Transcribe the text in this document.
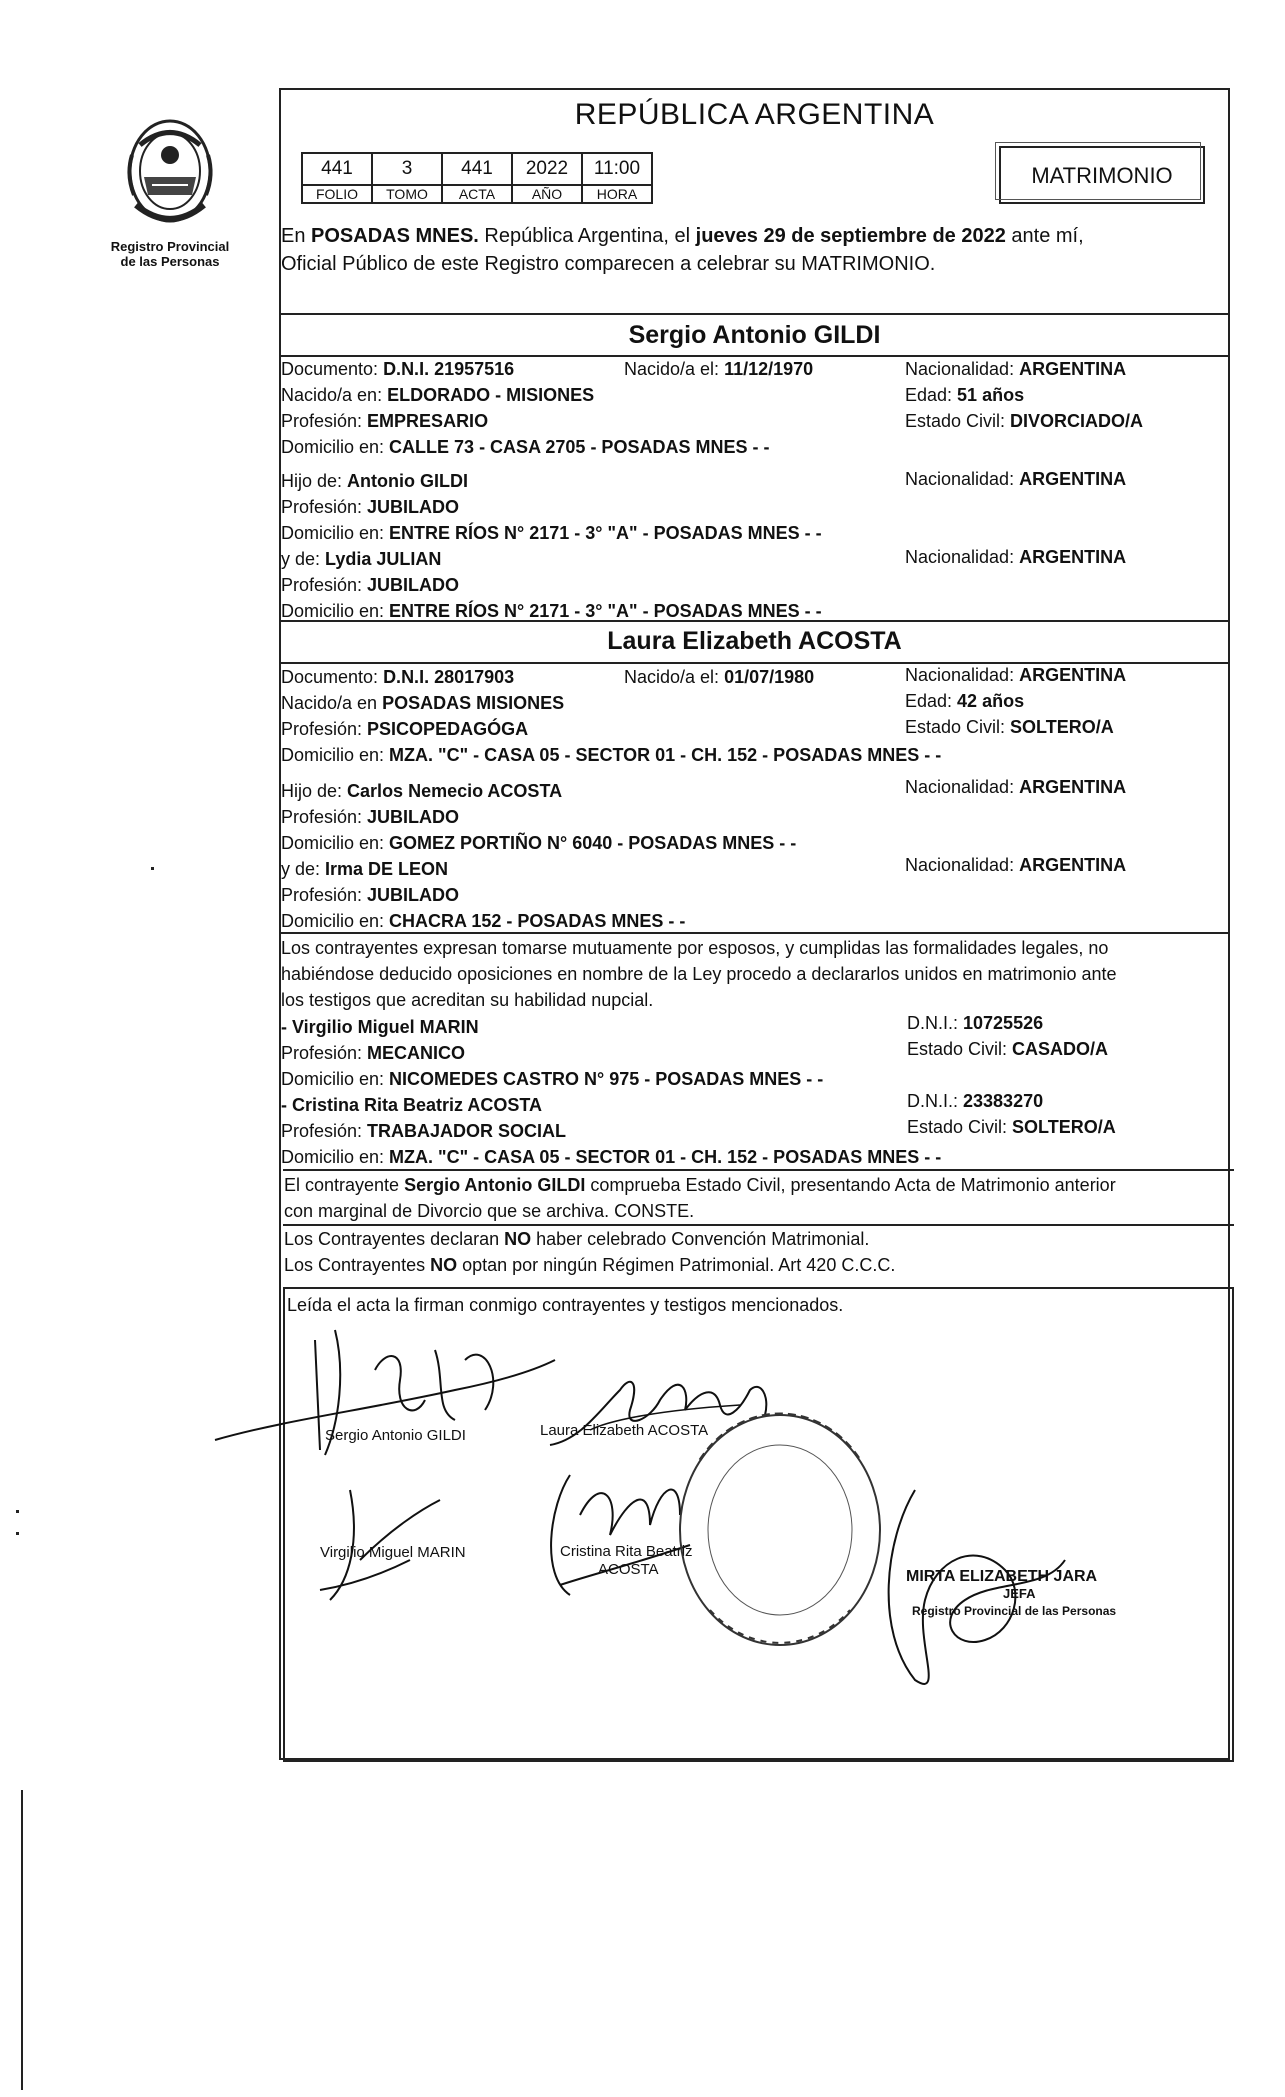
Registro Provincial
de las Personas
REPÚBLICA ARGENTINA
441	3	441	2022	11:00
FOLIO	TOMO	ACTA	AÑO	HORA
MATRIMONIO
En POSADAS MNES. República Argentina, el jueves 29 de septiembre de 2022 ante mí,
Oficial Público de este Registro comparecen a celebrar su MATRIMONIO.
Sergio Antonio GILDI
Documento: D.N.I. 21957516	Nacido/a el: 11/12/1970	Nacionalidad: ARGENTINA
Nacido/a en: ELDORADO - MISIONES	Edad: 51 años
Profesión: EMPRESARIO	Estado Civil: DIVORCIADO/A
Domicilio en: CALLE 73 - CASA 2705 - POSADAS MNES - -
Hijo de: Antonio GILDI	Nacionalidad: ARGENTINA
Profesión: JUBILADO
Domicilio en: ENTRE RÍOS N° 2171 - 3° "A" - POSADAS MNES - -
y de: Lydia JULIAN	Nacionalidad: ARGENTINA
Profesión: JUBILADO
Domicilio en: ENTRE RÍOS N° 2171 - 3° "A" - POSADAS MNES - -
Laura Elizabeth ACOSTA
Documento: D.N.I. 28017903	Nacido/a el: 01/07/1980	Nacionalidad: ARGENTINA
Nacido/a en POSADAS MISIONES	Edad: 42 años
Profesión: PSICOPEDAGÓGA	Estado Civil: SOLTERO/A
Domicilio en: MZA. "C" - CASA 05 - SECTOR 01 - CH. 152 - POSADAS MNES - -
Hijo de: Carlos Nemecio ACOSTA	Nacionalidad: ARGENTINA
Profesión: JUBILADO
Domicilio en: GOMEZ PORTIÑO N° 6040 - POSADAS MNES - -
y de: Irma DE LEON	Nacionalidad: ARGENTINA
Profesión: JUBILADO
Domicilio en: CHACRA 152 - POSADAS MNES - -
Los contrayentes expresan tomarse mutuamente por esposos, y cumplidas las formalidades legales, no
habiéndose deducido oposiciones en nombre de la Ley procedo a declararlos unidos en matrimonio ante
los testigos que acreditan su habilidad nupcial.
- Virgilio Miguel MARIN	D.N.I.: 10725526
Profesión: MECANICO	Estado Civil: CASADO/A
Domicilio en: NICOMEDES CASTRO N° 975 - POSADAS MNES - -
- Cristina Rita Beatriz ACOSTA	D.N.I.: 23383270
Profesión: TRABAJADOR SOCIAL	Estado Civil: SOLTERO/A
Domicilio en: MZA. "C" - CASA 05 - SECTOR 01 - CH. 152 - POSADAS MNES - -
El contrayente Sergio Antonio GILDI comprueba Estado Civil, presentando Acta de Matrimonio anterior
con marginal de Divorcio que se archiva. CONSTE.
Los Contrayentes declaran NO haber celebrado Convención Matrimonial.
Los Contrayentes NO optan por ningún Régimen Patrimonial. Art 420 C.C.C.
Leída el acta la firman conmigo contrayentes y testigos mencionados.
Sergio Antonio GILDI	Laura Elizabeth ACOSTA
Virgilio Miguel MARIN	Cristina Rita Beatriz
ACOSTA	MIRTA ELIZABETH JARA
JEFA
Registro Provincial de las Personas
